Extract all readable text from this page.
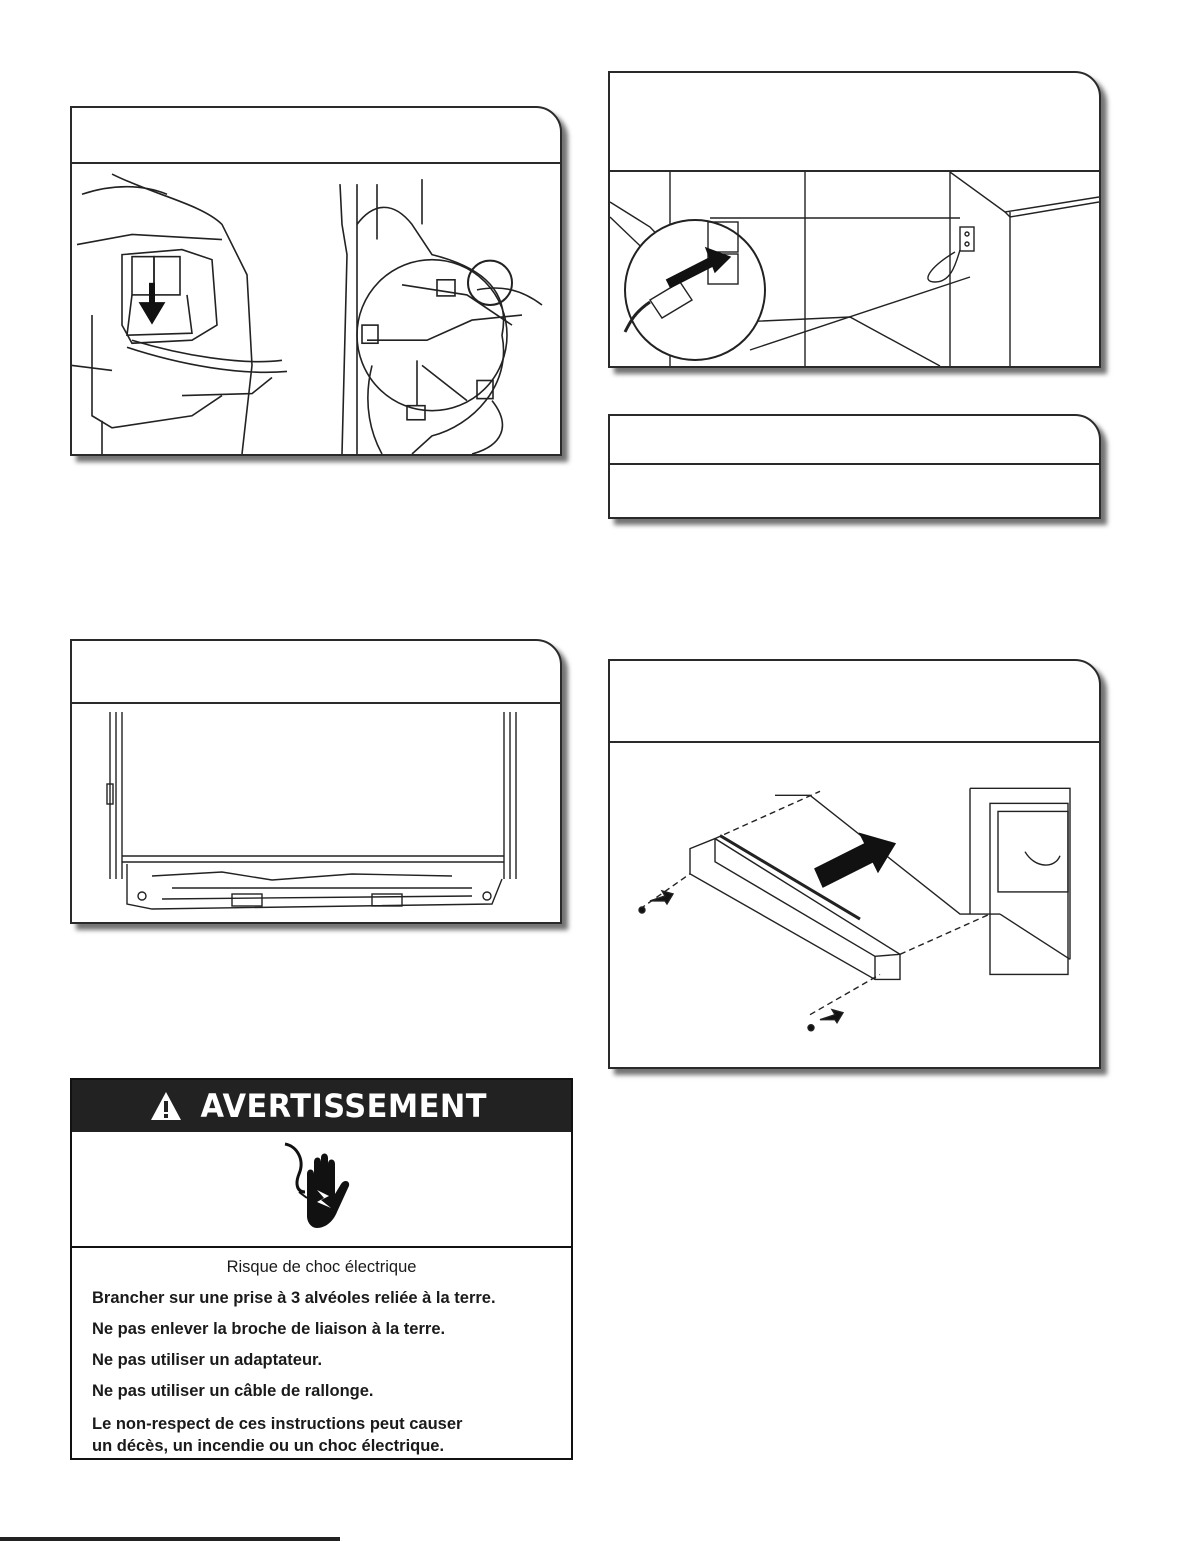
AVERTISSEMENT
Risque de choc électrique
Brancher sur une prise à 3 alvéoles reliée à la terre.
Ne pas enlever la broche de liaison à la terre.
Ne pas utiliser un adaptateur.
Ne pas utiliser un câble de rallonge.
Le non-respect de ces instructions peut causer
un décès, un incendie ou un choc électrique.
